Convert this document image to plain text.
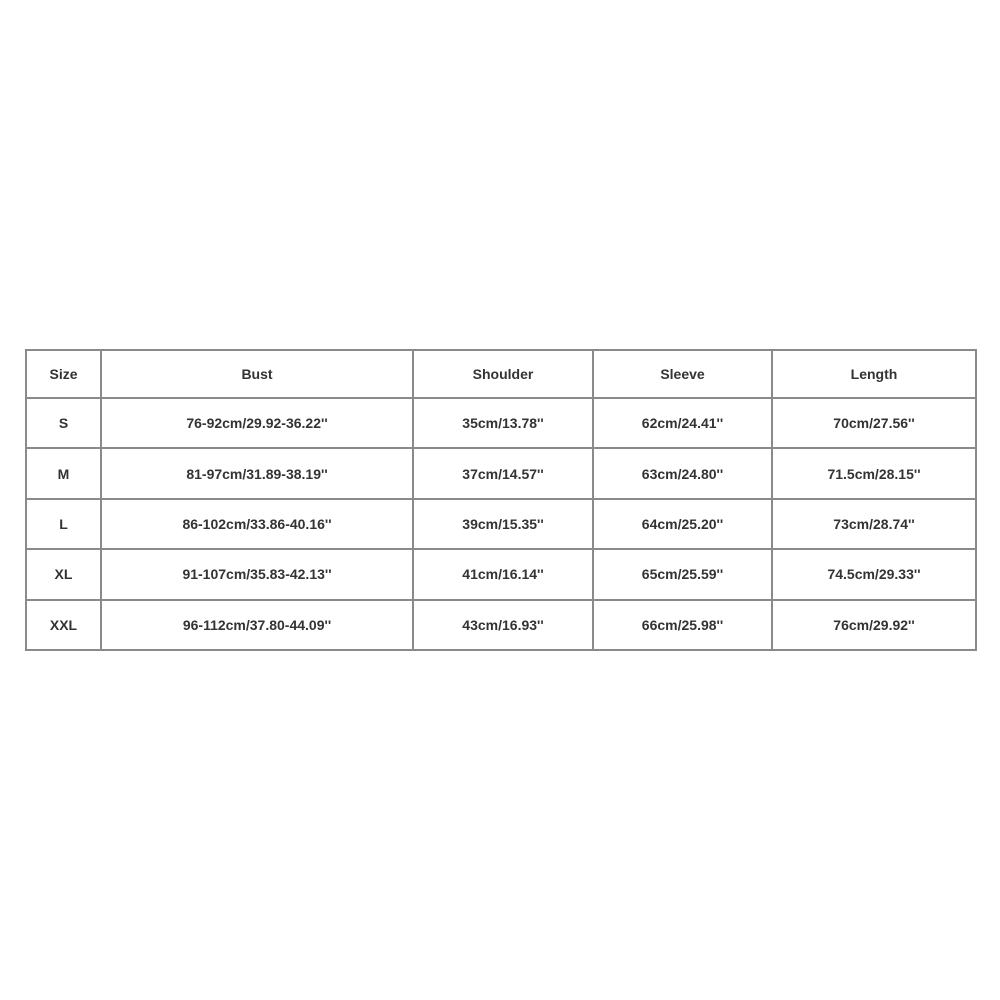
Size	Bust	Shoulder	Sleeve	Length
S	76-92cm/29.92-36.22''	35cm/13.78''	62cm/24.41''	70cm/27.56''
M	81-97cm/31.89-38.19''	37cm/14.57''	63cm/24.80''	71.5cm/28.15''
L	86-102cm/33.86-40.16''	39cm/15.35''	64cm/25.20''	73cm/28.74''
XL	91-107cm/35.83-42.13''	41cm/16.14''	65cm/25.59''	74.5cm/29.33''
XXL	96-112cm/37.80-44.09''	43cm/16.93''	66cm/25.98''	76cm/29.92''
